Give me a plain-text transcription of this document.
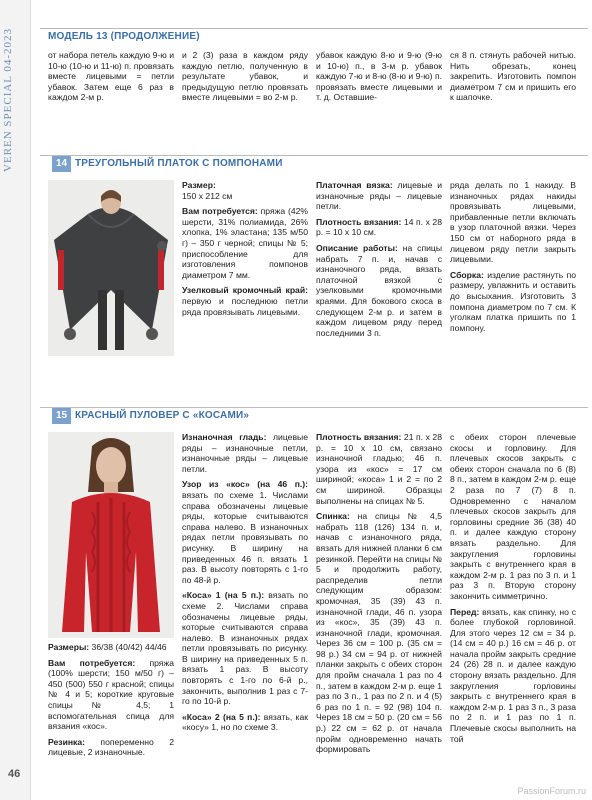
VEREN SPECIAL 04-2023
46
МОДЕЛЬ 13 (ПРОДОЛЖЕНИЕ)

от набора петель каждую 9-ю и 10-ю (10-ю и 11-ю) п. провязать вместе лицевыми = петли убавок. Затем еще 6 раз в каждом 2-м р.

и 2 (3) раза в каждом ряду каждую петлю, полученную в результате убавок, и предыдущую петлю провязать вместе лицевыми = во 2-м р.

убавок каждую 8-ю и 9-ю (9-ю и 10-ю) п., в 3-м р. убавок каждую 7-ю и 8-ю (8-ю и 9-ю) п. провязать вместе лицевыми и т. д. Оставшие-

ся 8 п. стянуть рабочей нитью. Нить обрезать, конец закрепить. Изготовить помпон диаметром 7 см и пришить его к шапочке.

14 ТРЕУГОЛЬНЫЙ ПЛАТОК С ПОМПОНАМИ

Размер:
150 х 212 см

Вам потребуется: пряжа (42% шерсти, 31% полиамида, 26% хлопка, 1% эластана; 135 м/50 г) – 350 г черной; спицы № 5; приспособление для изготовления помпонов диаметром 7 мм.

Узелковый кромочный край: первую и последнюю петли ряда провязывать лицевыми.

Платочная вязка: лицевые и изнаночные ряды – лицевые петли.

Плотность вязания: 14 п. х 28 р. = 10 х 10 см.

Описание работы: на спицы набрать 7 п. и, начав с изнаночного ряда, вязать платочной вязкой с узелковыми кромочными краями. Для бокового скоса в следующем 2-м р. и затем в каждом лицевом ряду перед последними 3 п.

ряда делать по 1 накиду. В изнаночных рядах накиды провязывать лицевыми, прибавленные петли включать в узор платочной вязки. Через 150 см от наборного ряда в лицевом ряду петли закрыть лицевыми.

Сборка: изделие растянуть по размеру, увлажнить и оставить до высыхания. Изготовить 3 помпона диаметром по 7 см. К уголкам платка пришить по 1 помпону.

15 КРАСНЫЙ ПУЛОВЕР С «КОСАМИ»

Размеры: 36/38 (40/42) 44/46

Вам потребуется: пряжа (100% шерсти; 150 м/50 г) – 450 (500) 550 г красной; спицы № 4 и 5; короткие круговые спицы № 4,5; 1 вспомогательная спица для вязания «кос».

Резинка: попеременно 2 лицевые, 2 изнаночные.

Изнаночная гладь: лицевые ряды – изнаночные петли, изнаночные ряды – лицевые петли.

Узор из «кос» (на 46 п.): вязать по схеме 1. Числами справа обозначены лицевые ряды, которые считываются справа налево. В изнаночных рядах петли провязывать по рисунку. В ширину на приведенных 46 п. вязать 1 раз. В высоту повторять с 1-го по 48-й р.

«Коса» 1 (на 5 п.): вязать по схеме 2. Числами справа обозначены лицевые ряды, которые считываются справа налево. В изнаночных рядах петли провязывать по рисунку. В ширину на приведенных 5 п. вязать 1 раз. В высоту повторять с 1-го по 6-й р., закончить, выполнив 1 раз с 7-го по 10-й р.

«Коса» 2 (на 5 п.): вязать, как «косу» 1, но по схеме 3.

Плотность вязания: 21 п. х 28 р. = 10 х 10 см, связано изнаночной гладью; 46 п. узора из «кос» = 17 см шириной; «коса» 1 и 2 = по 2 см шириной. Образцы выполнены на спицах № 5.

Спинка: на спицы № 4,5 набрать 118 (126) 134 п. и, начав с изнаночного ряда, вязать для нижней планки 6 см резинкой. Перейти на спицы № 5 и продолжить работу, распределив петли следующим образом: кромочная, 35 (39) 43 п. изнаночной глади, 46 п. узора из «кос», 35 (39) 43 п. изнаночной глади, кромочная. Через 36 см = 100 р. (35 см = 98 р.) 34 см = 94 р. от нижней планки закрыть с обеих сторон для пройм сначала 1 раз по 4 п., затем в каждом 2-м р. еще 1 раз по 3 п., 1 раз по 2 п. и 4 (5) 6 раз по 1 п. = 92 (98) 104 п. Через 18 см = 50 р. (20 см = 56 р.) 22 см = 62 р. от начала пройм одновременно начать формировать

с обеих сторон плечевые скосы и горловину. Для плечевых скосов закрыть с обеих сторон сначала по 6 (8) 8 п., затем в каждом 2-м р. еще 2 раза по 7 (7) 8 п. Одновременно с началом плечевых скосов закрыть для горловины средние 36 (38) 40 п. и далее каждую сторону вязать раздельно. Для закругления горловины закрыть с внутреннего края в каждом 2-м р. 1 раз по 3 п. и 1 раз 3 п. Вторую сторону закончить симметрично.

Перед: вязать, как спинку, но с более глубокой горловиной. Для этого через 12 см = 34 р. (14 см = 40 р.) 16 см = 46 р. от начала пройм закрыть средние 24 (26) 28 п. и далее каждую сторону вязать раздельно. Для закругления горловины закрыть с внутреннего края в каждом 2-м р. 1 раз 3 п., 3 раза по 2 п. и 1 раз по 1 п. Плечевые скосы выполнить на той

PassionForum.ru
